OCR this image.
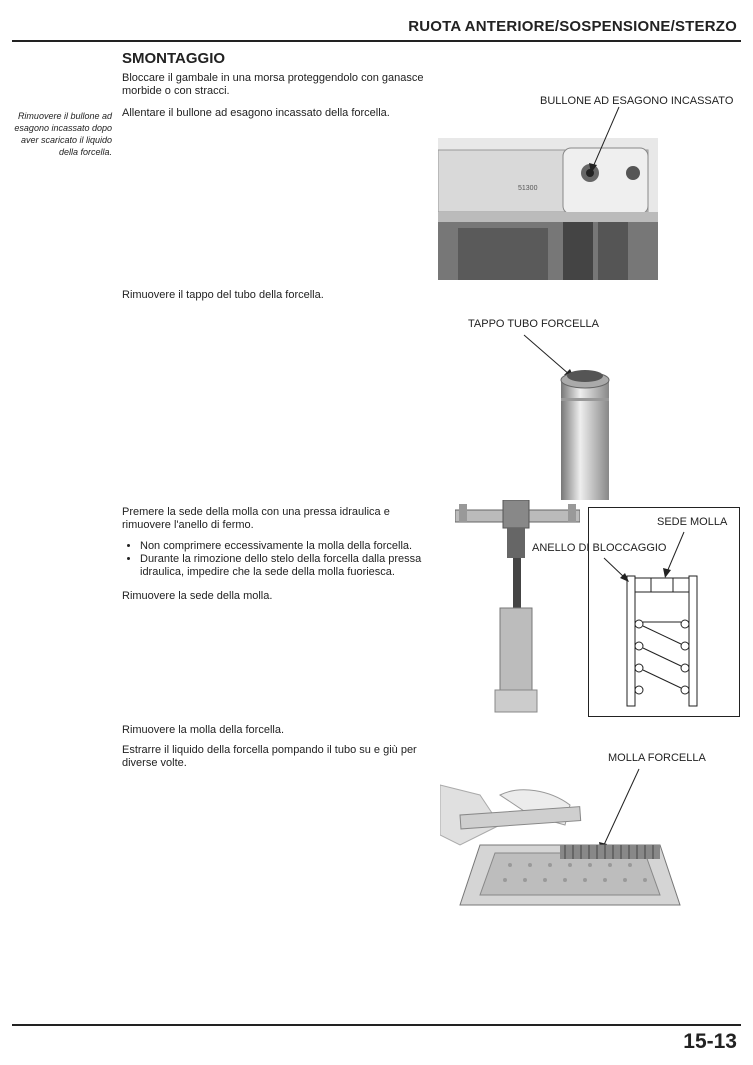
RUOTA ANTERIORE/SOSPENSIONE/STERZO
SMONTAGGIO
Rimuovere il bullone ad esagono incassato dopo aver scaricato il liquido della forcella.
Bloccare il gambale in una morsa proteggendolo con ganasce morbide o con stracci.
Allentare il bullone ad esagono incassato della forcella.
Rimuovere il tappo del tubo della forcella.
Premere la sede della molla con una pressa idraulica e rimuovere l'anello di fermo.
• Non comprimere eccessivamente la molla della forcella.
• Durante la rimozione dello stelo della forcella dalla pressa idraulica, impedire che la sede della molla fuoriesca.
Rimuovere la sede della molla.
Rimuovere la molla della forcella.
Estrarre il liquido della forcella pompando il tubo su e giù per diverse volte.
BULLONE AD ESAGONO INCASSATO
51300
TAPPO TUBO FORCELLA
SEDE MOLLA
ANELLO DI BLOCCAGGIO
MOLLA FORCELLA
15-13
